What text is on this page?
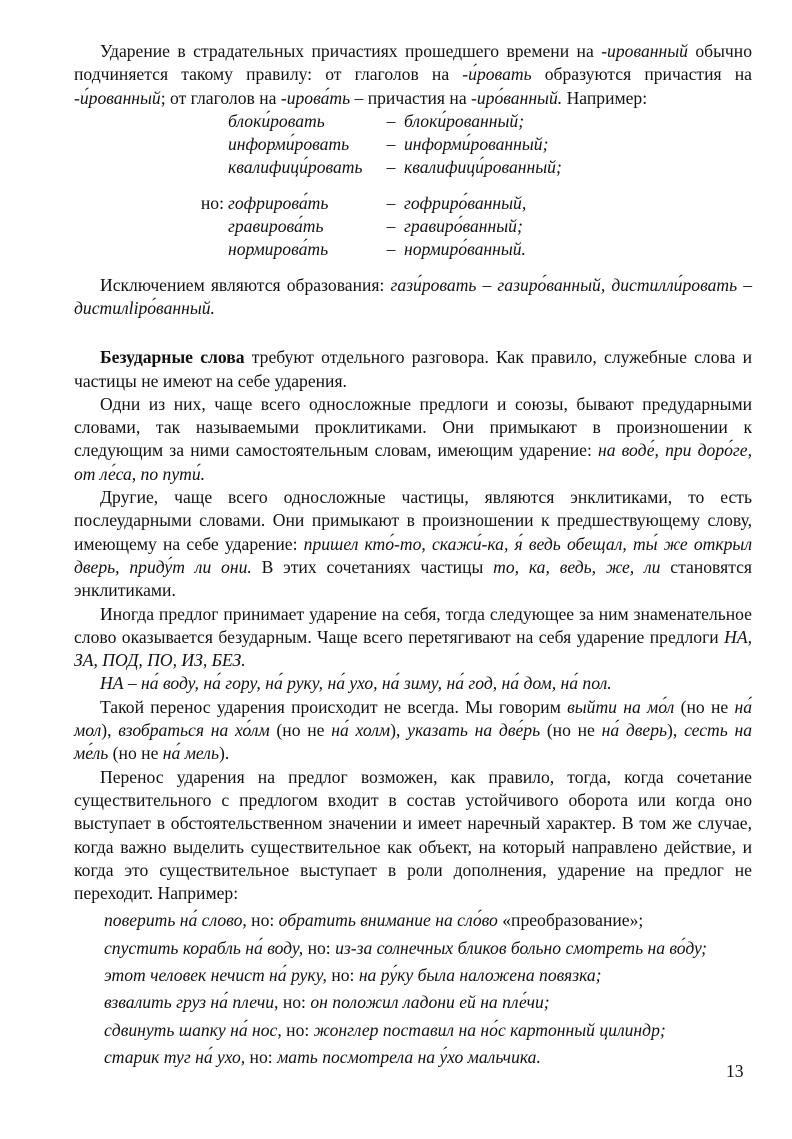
Ударение в страдательных причастиях прошедшего времени на -ированный обычно подчиняется такому правилу: от глаголов на -и́ровать образуются причастия на -и́рованный; от глаголов на -ирова́ть – причастия на -иро́ванный. Например:

	блоки́ровать	–	блоки́рованный;
	информи́ровать	–	информи́рованный;
	квалифици́ровать	–	квалифици́рованный;
но:	гофрирова́ть	–	гофриро́ванный,
	гравирова́ть	–	гравиро́ванный;
	нормирова́ть	–	нормиро́ванный.

Исключением являются образования: гази́ровать – газиро́ванный, дистилли́ровать – дистилliро́ванный.

Безударные слова требуют отдельного разговора. Как правило, служебные слова и частицы не имеют на себе ударения.

Одни из них, чаще всего односложные предлоги и союзы, бывают предударными словами, так называемыми проклитиками. Они примыкают в произношении к следующим за ними самостоятельным словам, имеющим ударение: на воде́, при доро́ге, от ле́са, по пути́.

Другие, чаще всего односложные частицы, являются энклитиками, то есть послеударными словами. Они примыкают в произношении к предшествующему слову, имеющему на себе ударение: пришел кто́-то, скажи́-ка, я́ ведь обещал, ты́ же открыл дверь, приду́т ли они. В этих сочетаниях частицы то, ка, ведь, же, ли становятся энклитиками.

Иногда предлог принимает ударение на себя, тогда следующее за ним знаменательное слово оказывается безударным. Чаще всего перетягивают на себя ударение предлоги НА, ЗА, ПОД, ПО, ИЗ, БЕЗ.

НА – на́ воду, на́ гору, на́ руку, на́ ухо, на́ зиму, на́ год, на́ дом, на́ пол.

Такой перенос ударения происходит не всегда. Мы говорим выйти на мо́л (но не на́ мол), взобраться на хо́лм (но не на́ холм), указать на две́рь (но не на́ дверь), сесть на ме́ль (но не на́ мель).

Перенос ударения на предлог возможен, как правило, тогда, когда сочетание существительного с предлогом входит в состав устойчивого оборота или когда оно выступает в обстоятельственном значении и имеет наречный характер. В том же случае, когда важно выделить существительное как объект, на который направлено действие, и когда это существительное выступает в роли дополнения, ударение на предлог не переходит. Например:

поверить на́ слово, но: обратить внимание на сло́во «преобразование»;

спустить корабль на́ воду, но: из-за солнечных бликов больно смотреть на во́ду;

этот человек нечист на́ руку, но: на ру́ку была наложена повязка;

взвалить груз на́ плечи, но: он положил ладони ей на пле́чи;

сдвинуть шапку на́ нос, но: жонглер поставил на но́с картонный цилиндр;

старик туг на́ ухо, но: мать посмотрела на у́хо мальчика.

13
